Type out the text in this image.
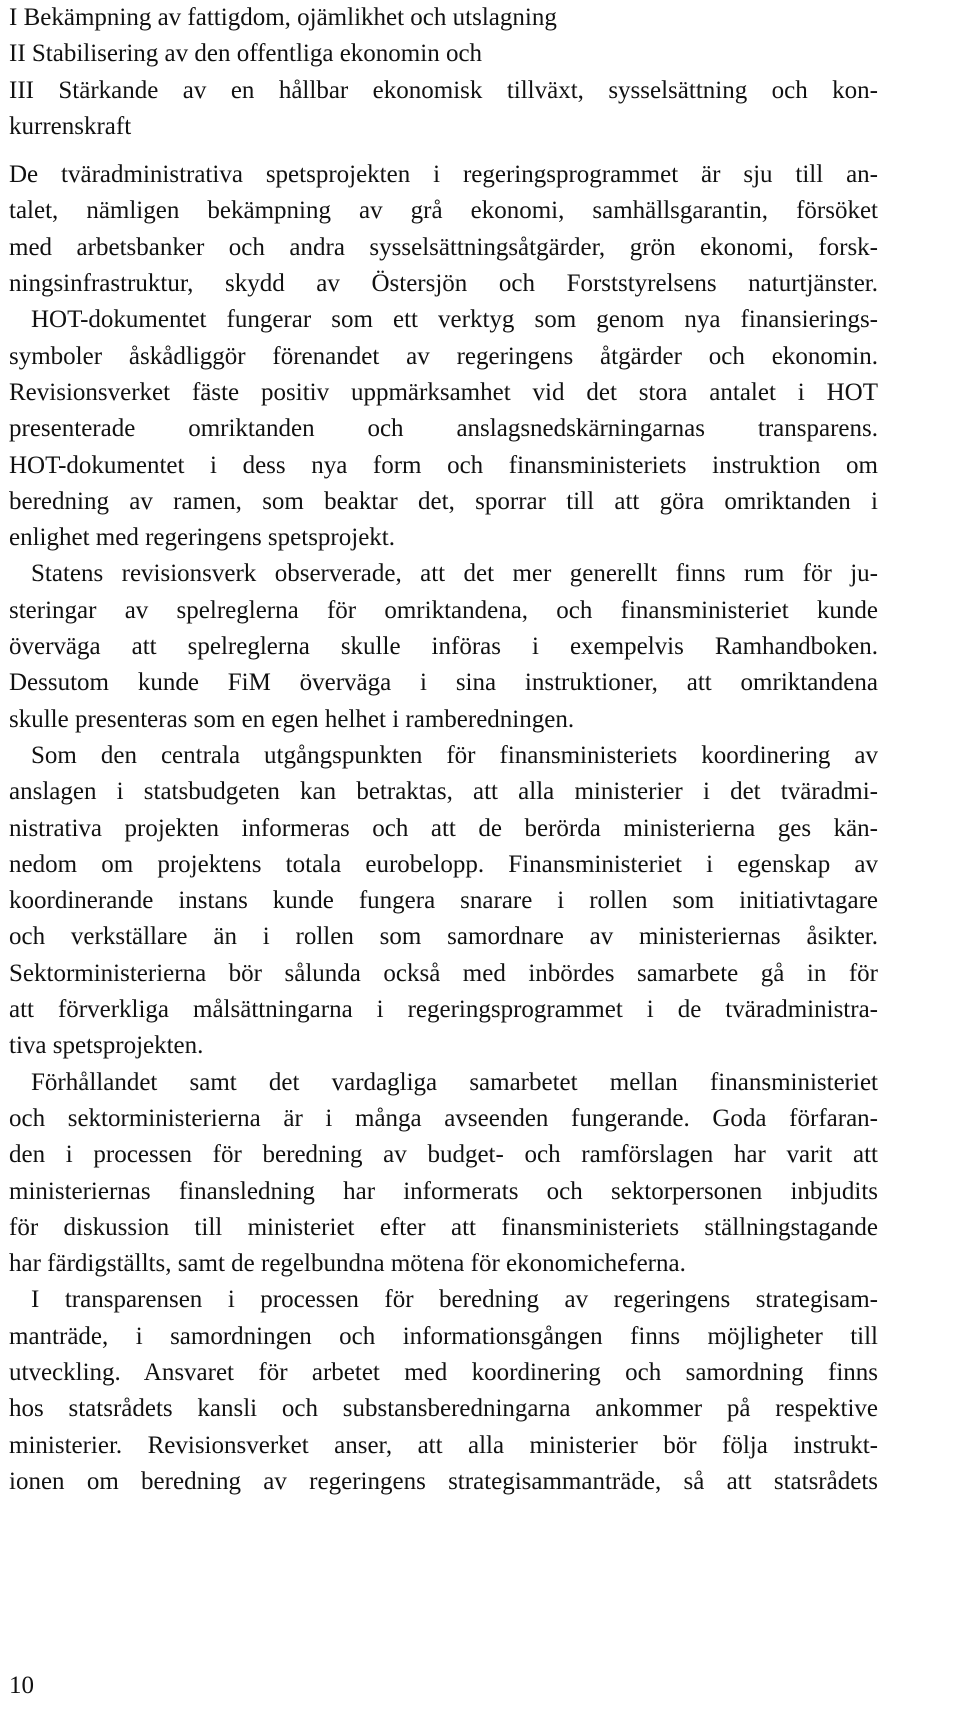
I Bekämpning av fattigdom, ojämlikhet och utslagning
II Stabilisering av den offentliga ekonomin och
III Stärkande av en hållbar ekonomisk tillväxt, sysselsättning och kon-
kurrenskraft
De tväradministrativa spetsprojekten i regeringsprogrammet är sju till an-
talet, nämligen bekämpning av grå ekonomi, samhällsgarantin, försöket
med arbetsbanker och andra sysselsättningsåtgärder, grön ekonomi, forsk-
ningsinfrastruktur, skydd av Östersjön och Forststyrelsens naturtjänster.
HOT-dokumentet fungerar som ett verktyg som genom nya finansierings-
symboler åskådliggör förenandet av regeringens åtgärder och ekonomin.
Revisionsverket fäste positiv uppmärksamhet vid det stora antalet i HOT
presenterade omriktanden och anslagsnedskärningarnas transparens.
HOT-dokumentet i dess nya form och finansministeriets instruktion om
beredning av ramen, som beaktar det, sporrar till att göra omriktanden i
enlighet med regeringens spetsprojekt.
Statens revisionsverk observerade, att det mer generellt finns rum för ju-
steringar av spelreglerna för omriktandena, och finansministeriet kunde
överväga att spelreglerna skulle införas i exempelvis Ramhandboken.
Dessutom kunde FiM överväga i sina instruktioner, att omriktandena
skulle presenteras som en egen helhet i ramberedningen.
Som den centrala utgångspunkten för finansministeriets koordinering av
anslagen i statsbudgeten kan betraktas, att alla ministerier i det tväradmi-
nistrativa projekten informeras och att de berörda ministerierna ges kän-
nedom om projektens totala eurobelopp. Finansministeriet i egenskap av
koordinerande instans kunde fungera snarare i rollen som initiativtagare
och verkställare än i rollen som samordnare av ministeriernas åsikter.
Sektorministerierna bör sålunda också med inbördes samarbete gå in för
att förverkliga målsättningarna i regeringsprogrammet i de tväradministra-
tiva spetsprojekten.
Förhållandet samt det vardagliga samarbetet mellan finansministeriet
och sektorministerierna är i många avseenden fungerande. Goda förfaran-
den i processen för beredning av budget- och ramförslagen har varit att
ministeriernas finansledning har informerats och sektorpersonen inbjudits
för diskussion till ministeriet efter att finansministeriets ställningstagande
har färdigställts, samt de regelbundna mötena för ekonomicheferna.
I transparensen i processen för beredning av regeringens strategisam-
manträde, i samordningen och informationsgången finns möjligheter till
utveckling. Ansvaret för arbetet med koordinering och samordning finns
hos statsrådets kansli och substansberedningarna ankommer på respektive
ministerier. Revisionsverket anser, att alla ministerier bör följa instrukt-
ionen om beredning av regeringens strategisammanträde, så att statsrådets
10
